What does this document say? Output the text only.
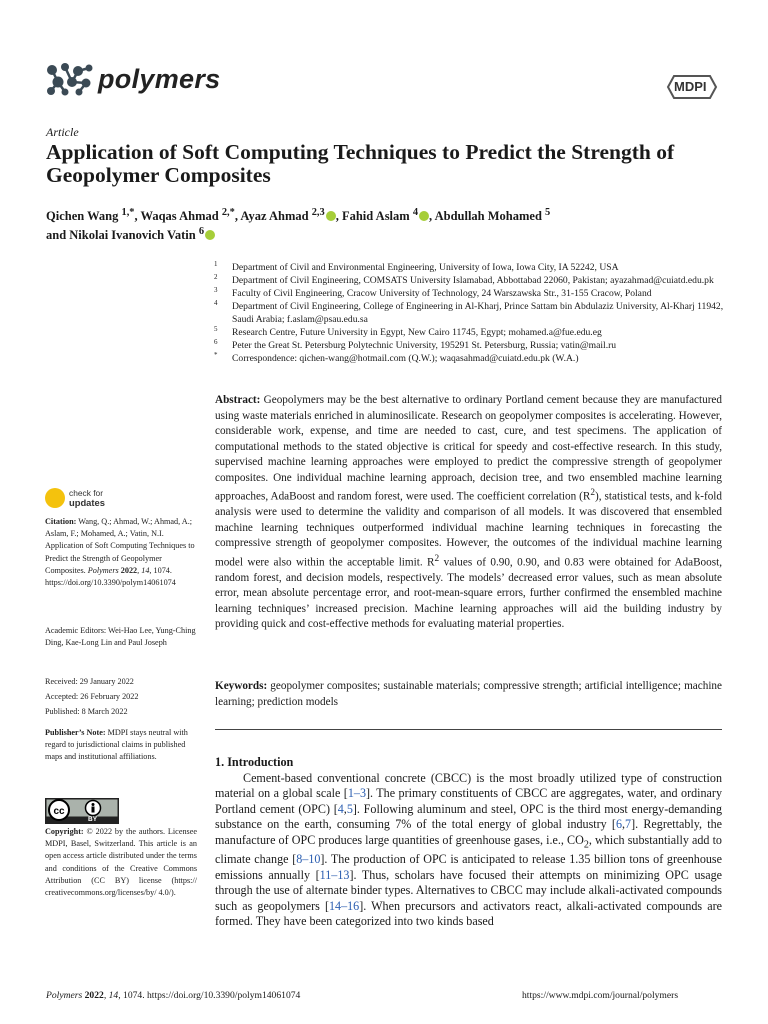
polymers	MDPI
Article
Application of Soft Computing Techniques to Predict the Strength of Geopolymer Composites
Qichen Wang $^{1,*}$, Waqas Ahmad $^{2,*}$, Ayaz Ahmad $^{2,3}$ , Fahid Aslam $^4$ , Abdullah Mohamed $^5$
and Nikolai Ivanovich Vatin $^6$
1 Department of Civil and Environmental Engineering, University of Iowa, Iowa City, IA 52242, USA
2 Department of Civil Engineering, COMSATS University Islamabad, Abbottabad 22060, Pakistan; ayazahmad@cuiatd.edu.pk
3 Faculty of Civil Engineering, Cracow University of Technology, 24 Warszawska Str., 31-155 Cracow, Poland
4 Department of Civil Engineering, College of Engineering in Al-Kharj, Prince Sattam bin Abdulaziz University, Al-Kharj 11942, Saudi Arabia; f.aslam@psau.edu.sa
5 Research Centre, Future University in Egypt, New Cairo 11745, Egypt; mohamed.a@fue.edu.eg
6 Peter the Great St. Petersburg Polytechnic University, 195291 St. Petersburg, Russia; vatin@mail.ru
* Correspondence: qichen-wang@hotmail.com (Q.W.); waqasahmad@cuiatd.edu.pk (W.A.)
Abstract: Geopolymers may be the best alternative to ordinary Portland cement because they are manufactured using waste materials enriched in aluminosilicate. Research on geopolymer composites is accelerating. However, considerable work, expense, and time are needed to cast, cure, and test specimens. The application of computational methods to the stated objective is critical for speedy and cost-effective research. In this study, supervised machine learning approaches were employed to predict the compressive strength of geopolymer composites. One individual machine learning approach, decision tree, and two ensembled machine learning approaches, AdaBoost and random forest, were used. The coefficient correlation $(R^2)$, statistical tests, and k-fold analysis were used to determine the validity and comparison of all models. It was discovered that ensembled machine learning techniques outperformed individual machine learning techniques in forecasting the compressive strength of geopolymer composites. However, the outcomes of the individual machine learning model were also within the acceptable limit. $R^2$ values of 0.90, 0.90, and 0.83 were obtained for AdaBoost, random forest, and decision models, respectively. The models’ decreased error values, such as mean absolute error, mean absolute percentage error, and root-mean-square errors, further confirmed the ensembled machine learning techniques’ increased precision. Machine learning approaches will aid the building industry by providing quick and cost-effective methods for evaluating material properties.
Keywords: geopolymer composites; sustainable materials; compressive strength; artificial intelligence; machine learning; prediction models
1. Introduction

Cement-based conventional concrete (CBCC) is the most broadly utilized type of construction material on a global scale [1–3]. The primary constituents of CBCC are aggregates, water, and ordinary Portland cement (OPC) [4,5]. Following aluminum and steel, OPC is the third most energy-demanding substance on the earth, consuming 7% of the total energy of global industry [6,7]. Regrettably, the manufacture of OPC produces large quantities of greenhouse gases, i.e., $CO_2$, which substantially add to climate change [8–10]. The production of OPC is anticipated to release 1.35 billion tons of greenhouse emissions annually [11–13]. Thus, scholars have focused their attempts on minimizing OPC usage through the use of alternate binder types. Alternatives to CBCC may include alkali-activated compounds such as geopolymers [14–16]. When precursors and activators react, alkali-activated compounds are formed. They have been categorized into two kinds based

check for
updates
Citation: Wang, Q.; Ahmad, W.; Ahmad, A.; Aslam, F.; Mohamed, A.; Vatin, N.I. Application of Soft Computing Techniques to Predict the Strength of Geopolymer Composites. Polymers 2022, 14, 1074. https://doi.org/10.3390/polym14061074
Academic Editors: Wei-Hao Lee, Yung-Ching Ding, Kae-Long Lin and Paul Joseph
Received: 29 January 2022
Accepted: 26 February 2022
Published: 8 March 2022
Publisher’s Note: MDPI stays neutral with regard to jurisdictional claims in published maps and institutional affiliations.
cc
BY
Copyright: © 2022 by the authors. Licensee MDPI, Basel, Switzerland. This article is an open access article distributed under the terms and conditions of the Creative Commons Attribution (CC BY) license (https:// creativecommons.org/licenses/by/ 4.0/).
Polymers 2022, 14, 1074. https://doi.org/10.3390/polym14061074	https://www.mdpi.com/journal/polymers
